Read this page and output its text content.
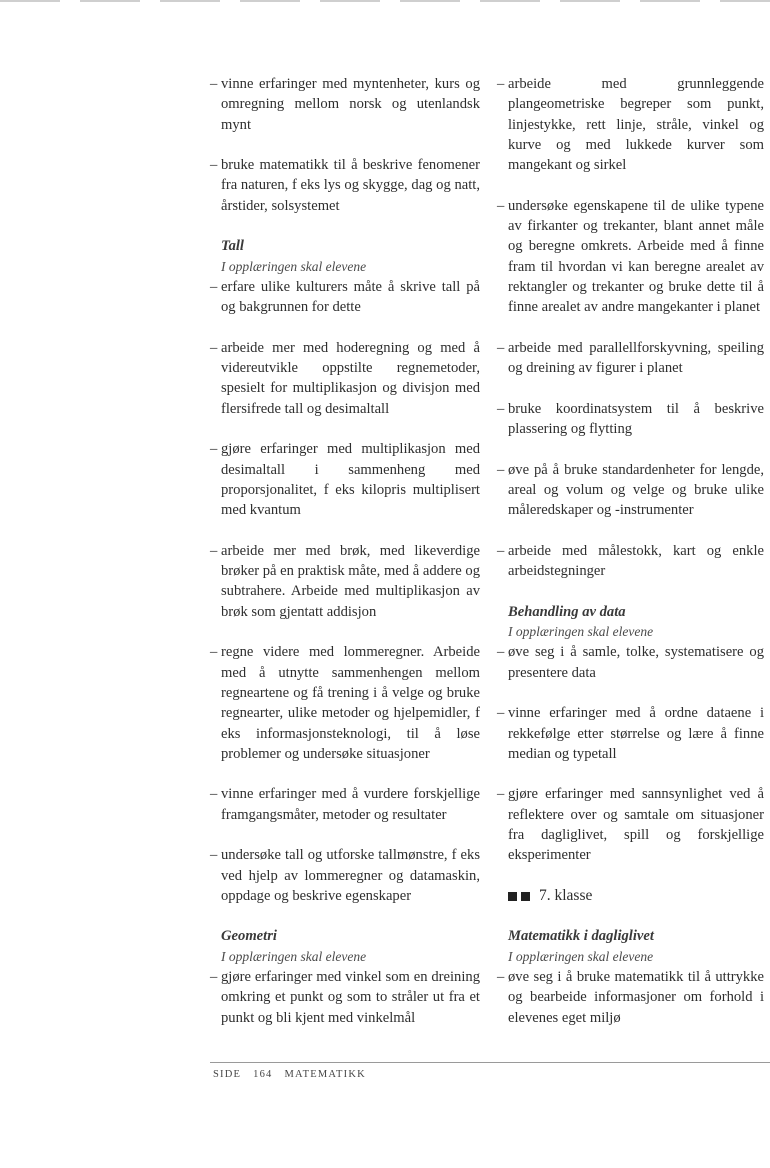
– vinne erfaringer med myntenheter, kurs og omregning mellom norsk og utenlandsk mynt

– bruke matematikk til å beskrive fenomener fra naturen, f eks lys og skygge, dag og natt, årstider, solsystemet

Tall

I opplæringen skal elevene

– erfare ulike kulturers måte å skrive tall på og bakgrunnen for dette

– arbeide mer med hoderegning og med å videreutvikle oppstilte regnemetoder, spesielt for multiplikasjon og divisjon med flersifrede tall og desimaltall

– gjøre erfaringer med multiplikasjon med desimaltall i sammenheng med proporsjonalitet, f eks kilopris multiplisert med kvantum

– arbeide mer med brøk, med likeverdige brøker på en praktisk måte, med å addere og subtrahere. Arbeide med multiplikasjon av brøk som gjentatt addisjon

– regne videre med lommeregner. Arbeide med å utnytte sammenhengen mellom regneartene og få trening i å velge og bruke regnearter, ulike metoder og hjelpemidler, f eks informasjonsteknologi, til å løse problemer og undersøke situasjoner

– vinne erfaringer med å vurdere forskjellige framgangsmåter, metoder og resultater

– undersøke tall og utforske tallmønstre, f eks ved hjelp av lommeregner og datamaskin, oppdage og beskrive egenskaper

Geometri

I opplæringen skal elevene

– gjøre erfaringer med vinkel som en dreining omkring et punkt og som to stråler ut fra et punkt og bli kjent med vinkelmål

– arbeide med grunnleggende plangeometriske begreper som punkt, linjestykke, rett linje, stråle, vinkel og kurve og med lukkede kurver som mangekant og sirkel

– undersøke egenskapene til de ulike typene av firkanter og trekanter, blant annet måle og beregne omkrets. Arbeide med å finne fram til hvordan vi kan beregne arealet av rektangler og trekanter og bruke dette til å finne arealet av andre mangekanter i planet

– arbeide med parallellforskyvning, speiling og dreining av figurer i planet

– bruke koordinatsystem til å beskrive plassering og flytting

– øve på å bruke standardenheter for lengde, areal og volum og velge og bruke ulike måleredskaper og -instrumenter

– arbeide med målestokk, kart og enkle arbeidstegninger

Behandling av data

I opplæringen skal elevene

– øve seg i å samle, tolke, systematisere og presentere data

– vinne erfaringer med å ordne dataene i rekkefølge etter størrelse og lære å finne median og typetall

– gjøre erfaringer med sannsynlighet ved å reflektere over og samtale om situasjoner fra dagliglivet, spill og forskjellige eksperimenter

7. klasse

Matematikk i dagliglivet

I opplæringen skal elevene

– øve seg i å bruke matematikk til å uttrykke og bearbeide informasjoner om forhold i elevenes eget miljø

SIDE 164 MATEMATIKK
